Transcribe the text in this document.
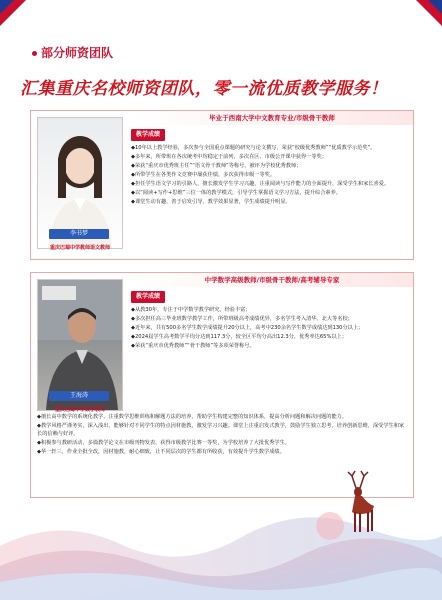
部分师资团队
汇集重庆名校师资团队，零一流优质教学服务！
李书梦
重庆巴蜀中学教师语文教师
毕业于西南大学中文教育专业/市级骨干教师
教学成绩
◆10年以上教学经验，多次参与全国重点课题的研究与论文撰写，荣获“校级优秀教师”“优质教学示范奖”。
◆多年来，所带班在各次统考中均稳定于前列，多次在区、市级公开课中获得一等奖；
◆荣获“重庆市优秀班主任”“语文骨干教师”等称号，被评为学校优秀教师；
◆所带学生在各类作文竞赛中屡获佳绩，多次获得市级一等奖。
◆担任学生语文学习的引路人，擅长激发学生学习兴趣，注重阅读与写作能力的全面提升，深受学生和家长喜爱。
◆以“阅读+写作+思维”三位一体的教学模式，引导学生掌握语文学习方法，提升综合素养。
◆课堂生动有趣，善于启发引导，教学效果显著，学生成绩提升明显。
王海涛
重庆巴蜀中学数学教师
中学数学高级教师/市级骨干教师/高考辅导专家
教学成绩
◆从教30年，专注于中学数学教学研究，经验丰富；
◆多次担任高三毕业班数学教学工作，所带班级高考成绩优异，多名学生考入清华、北大等名校；
◆近年来，共有500多名学生数学成绩提升20分以上，高考中230余名学生数学成绩达到130分以上；
◆2024届学生高考数学平均分达到117.3分，较全区平均分高出12.3分，优秀率达65%以上；
◆荣获“重庆市优秀教师”“骨干教师”等多项荣誉称号。
◆擅长高中数学的系统化教学，注重数学思维训练和解题方法的培养，帮助学生构建完整的知识体系，提高分析问题和解决问题的能力。
◆教学风格严谨务实，深入浅出，能够针对不同学生的特点因材施教，激发学习兴趣。课堂上注重启发式教学，鼓励学生独立思考，培养创新思维，深受学生和家长的信赖与好评。
◆积极参与教研活动，多篇教学论文在市级刊物发表，获得市级教学比赛一等奖，为学校培养了大批优秀学生。
◆华一轩三，作业全批全改，因材施教，耐心细致，让不同层次的学生都有所收获，有效提升学生数学成绩。
